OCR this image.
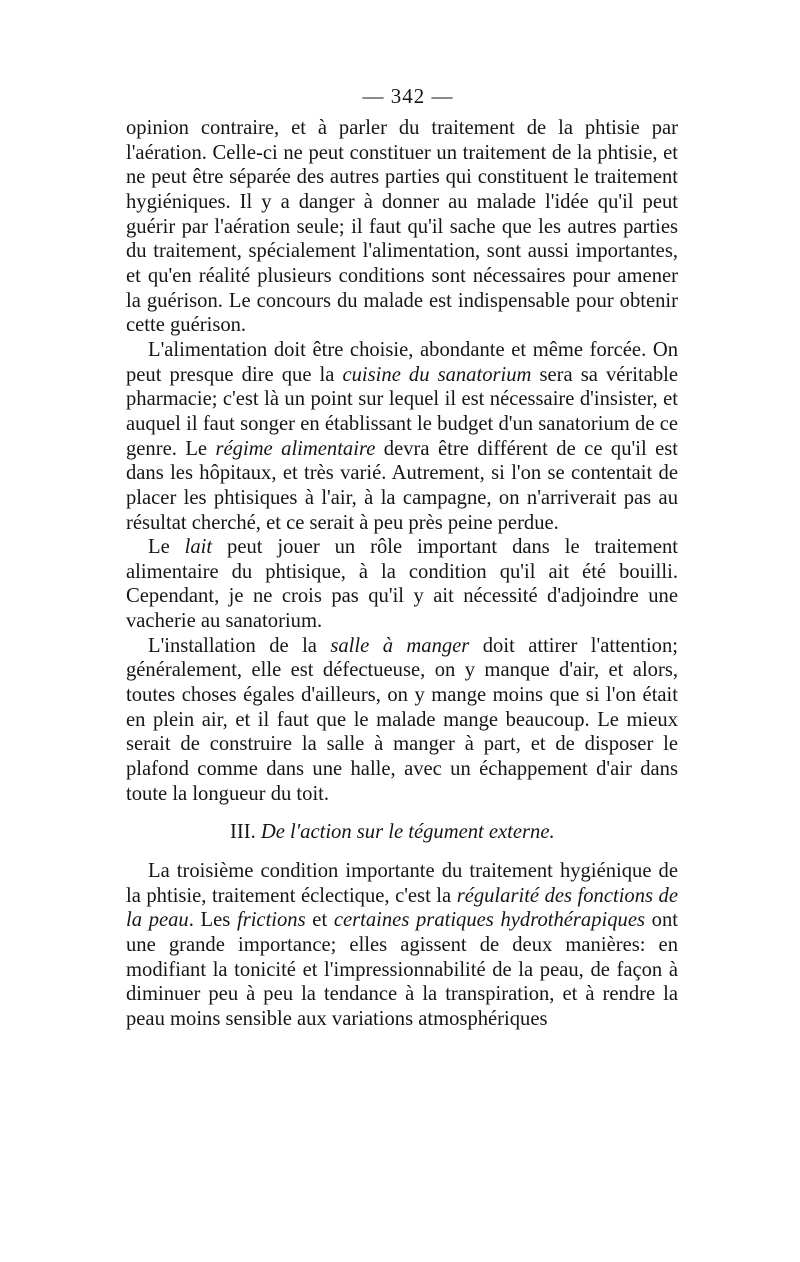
— 342 —

opinion contraire, et à parler du traitement de la phtisie par l'aération. Celle-ci ne peut constituer un traitement de la phtisie, et ne peut être séparée des autres parties qui constituent le traitement hygiéniques. Il y a danger à donner au malade l'idée qu'il peut guérir par l'aération seule; il faut qu'il sache que les autres parties du traitement, spécialement l'alimentation, sont aussi importantes, et qu'en réalité plusieurs conditions sont nécessaires pour amener la guérison. Le concours du malade est indispensable pour obtenir cette guérison.

L'alimentation doit être choisie, abondante et même forcée. On peut presque dire que la cuisine du sanatorium sera sa véritable pharmacie; c'est là un point sur lequel il est nécessaire d'insister, et auquel il faut songer en établissant le budget d'un sanatorium de ce genre. Le régime alimentaire devra être différent de ce qu'il est dans les hôpitaux, et très varié. Autrement, si l'on se contentait de placer les phtisiques à l'air, à la campagne, on n'arriverait pas au résultat cherché, et ce serait à peu près peine perdue.

Le lait peut jouer un rôle important dans le traitement alimentaire du phtisique, à la condition qu'il ait été bouilli. Cependant, je ne crois pas qu'il y ait nécessité d'adjoindre une vacherie au sanatorium.

L'installation de la salle à manger doit attirer l'attention; généralement, elle est défectueuse, on y manque d'air, et alors, toutes choses égales d'ailleurs, on y mange moins que si l'on était en plein air, et il faut que le malade mange beaucoup. Le mieux serait de construire la salle à manger à part, et de disposer le plafond comme dans une halle, avec un échappement d'air dans toute la longueur du toit.

III. De l'action sur le tégument externe.

La troisième condition importante du traitement hygiénique de la phtisie, traitement éclectique, c'est la régularité des fonctions de la peau. Les frictions et certaines pratiques hydrothérapiques ont une grande importance; elles agissent de deux manières: en modifiant la tonicité et l'impressionnabilité de la peau, de façon à diminuer peu à peu la tendance à la transpiration, et à rendre la peau moins sensible aux variations atmosphériques
